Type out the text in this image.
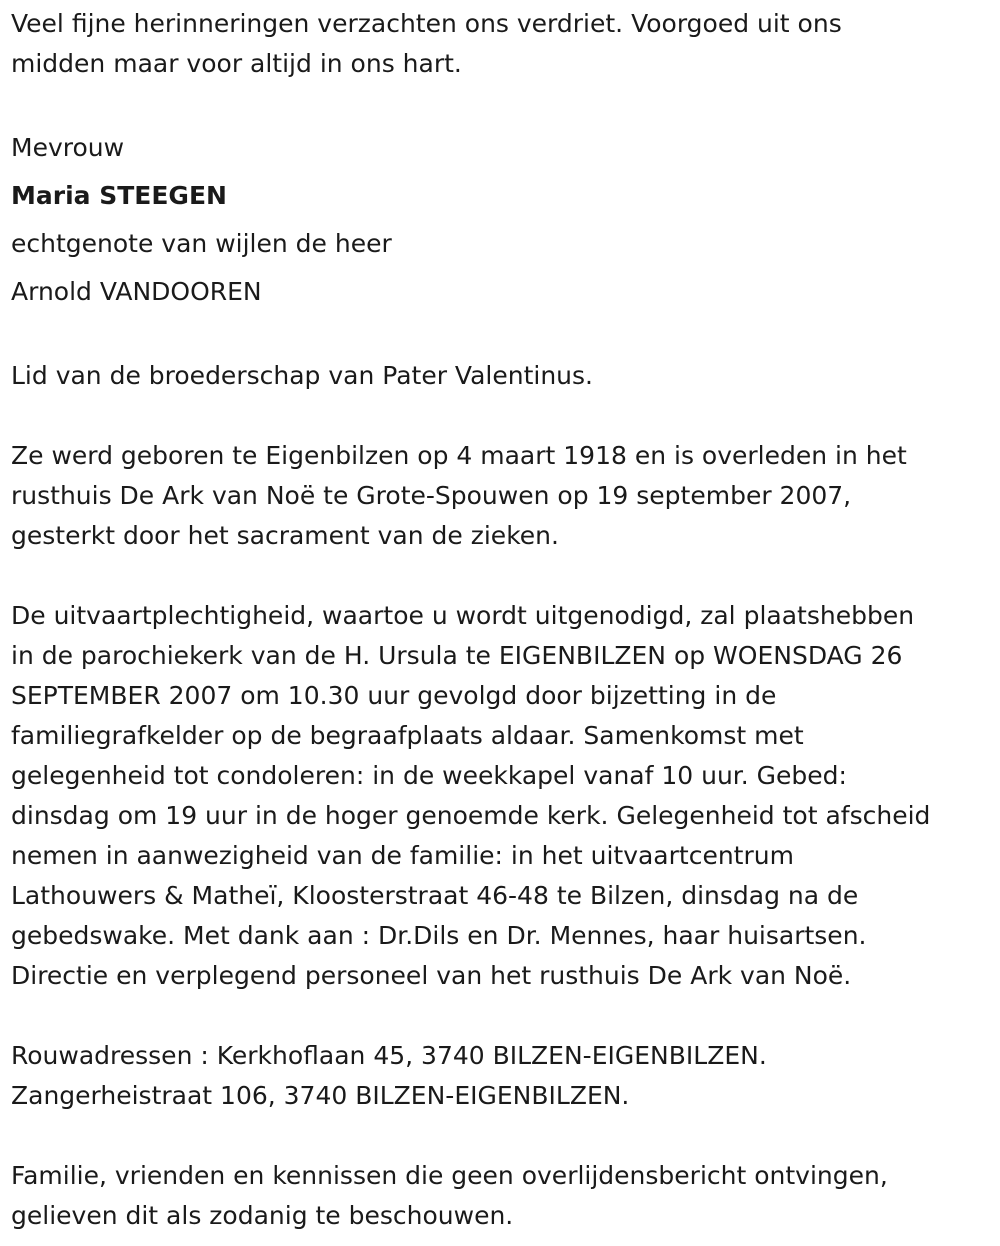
Veel fijne herinneringen verzachten ons verdriet. Voorgoed uit ons

midden maar voor altijd in ons hart.

Mevrouw

Maria STEEGEN

echtgenote van wijlen de heer

Arnold VANDOOREN

Lid van de broederschap van Pater Valentinus.

Ze werd geboren te Eigenbilzen op 4 maart 1918 en is overleden in het

rusthuis De Ark van Noë te Grote-Spouwen op 19 september 2007,

gesterkt door het sacrament van de zieken.

De uitvaartplechtigheid, waartoe u wordt uitgenodigd, zal plaatshebben

in de parochiekerk van de H. Ursula te EIGENBILZEN op WOENSDAG 26

SEPTEMBER 2007 om 10.30 uur gevolgd door bijzetting in de

familiegrafkelder op de begraafplaats aldaar. Samenkomst met

gelegenheid tot condoleren: in de weekkapel vanaf 10 uur. Gebed:

dinsdag om 19 uur in de hoger genoemde kerk. Gelegenheid tot afscheid

nemen in aanwezigheid van de familie: in het uitvaartcentrum

Lathouwers & Matheï, Kloosterstraat 46-48 te Bilzen, dinsdag na de

gebedswake. Met dank aan : Dr.Dils en Dr. Mennes, haar huisartsen.

Directie en verplegend personeel van het rusthuis De Ark van Noë.

Rouwadressen : Kerkhoflaan 45, 3740 BILZEN-EIGENBILZEN.

Zangerheistraat 106, 3740 BILZEN-EIGENBILZEN.

Familie, vrienden en kennissen die geen overlijdensbericht ontvingen,

gelieven dit als zodanig te beschouwen.
